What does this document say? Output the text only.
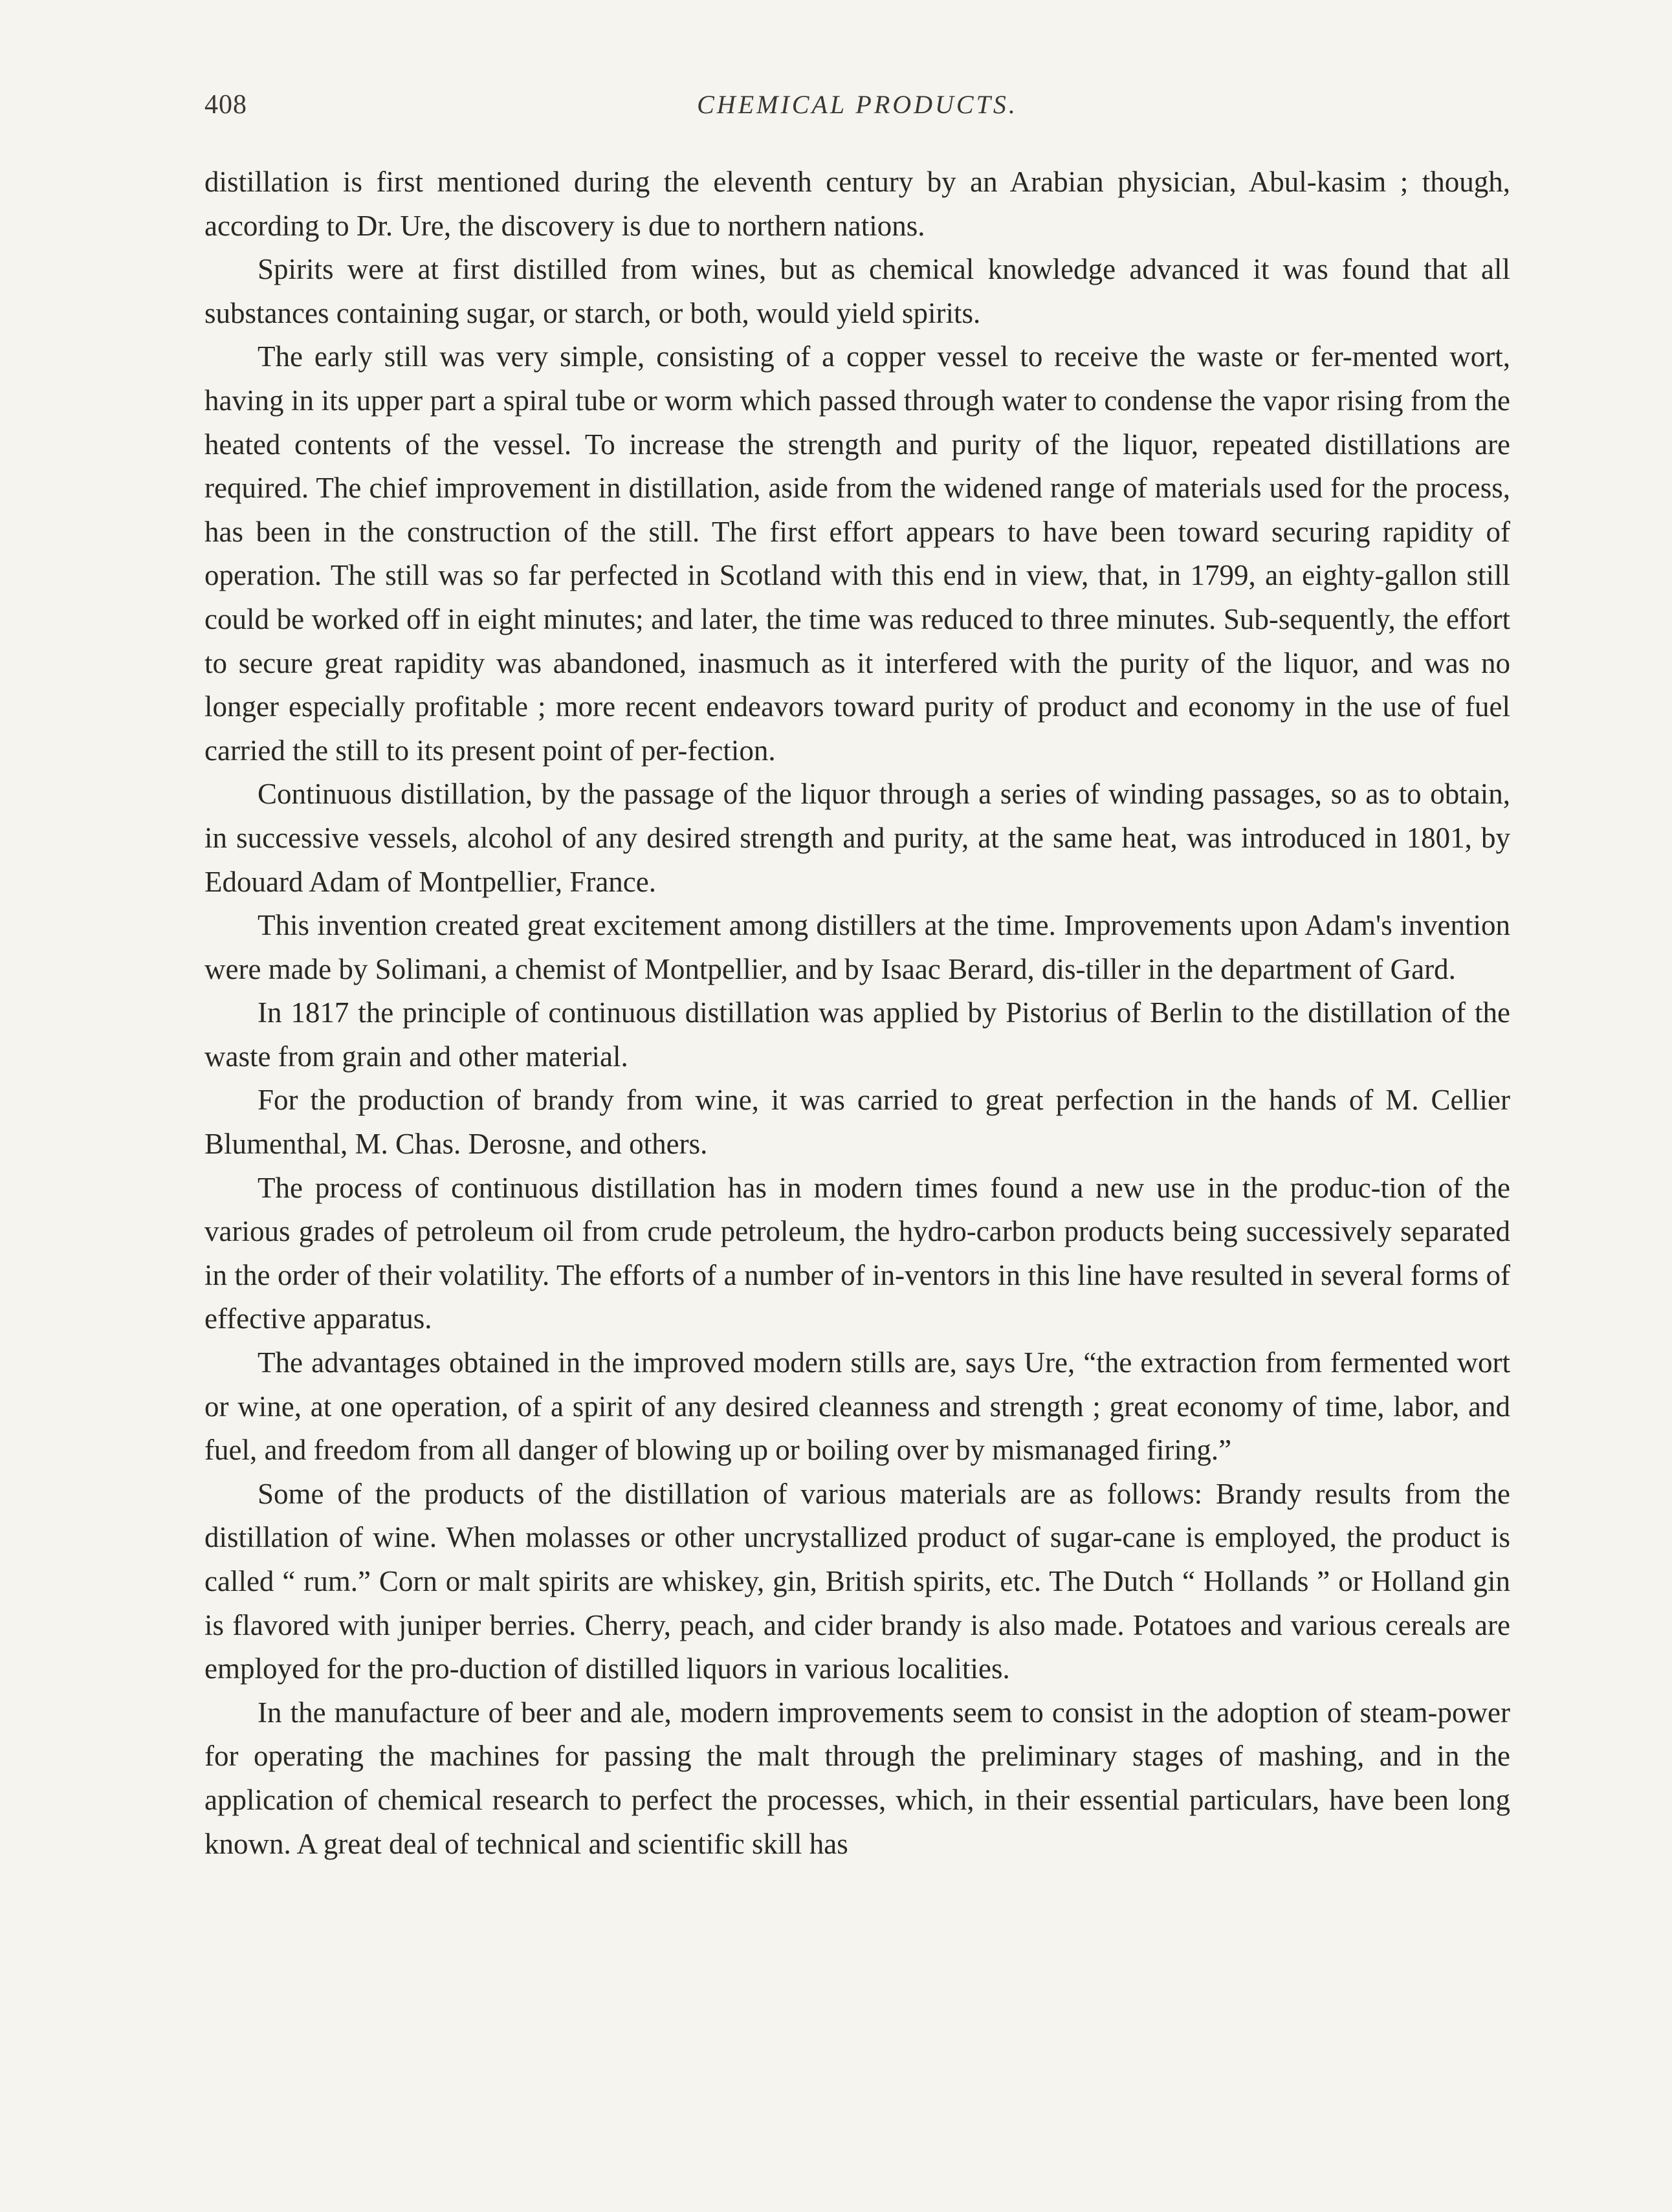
408	CHEMICAL PRODUCTS.

distillation is first mentioned during the eleventh century by an Arabian physician, Abul-kasim ; though, according to Dr. Ure, the discovery is due to northern nations.

Spirits were at first distilled from wines, but as chemical knowledge advanced it was found that all substances containing sugar, or starch, or both, would yield spirits.

The early still was very simple, consisting of a copper vessel to receive the waste or fer-mented wort, having in its upper part a spiral tube or worm which passed through water to condense the vapor rising from the heated contents of the vessel. To increase the strength and purity of the liquor, repeated distillations are required. The chief improvement in distillation, aside from the widened range of materials used for the process, has been in the construction of the still. The first effort appears to have been toward securing rapidity of operation. The still was so far perfected in Scotland with this end in view, that, in 1799, an eighty-gallon still could be worked off in eight minutes; and later, the time was reduced to three minutes. Sub-sequently, the effort to secure great rapidity was abandoned, inasmuch as it interfered with the purity of the liquor, and was no longer especially profitable ; more recent endeavors toward purity of product and economy in the use of fuel carried the still to its present point of per-fection.

Continuous distillation, by the passage of the liquor through a series of winding passages, so as to obtain, in successive vessels, alcohol of any desired strength and purity, at the same heat, was introduced in 1801, by Edouard Adam of Montpellier, France.

This invention created great excitement among distillers at the time. Improvements upon Adam's invention were made by Solimani, a chemist of Montpellier, and by Isaac Berard, dis-tiller in the department of Gard.

In 1817 the principle of continuous distillation was applied by Pistorius of Berlin to the distillation of the waste from grain and other material.

For the production of brandy from wine, it was carried to great perfection in the hands of M. Cellier Blumenthal, M. Chas. Derosne, and others.

The process of continuous distillation has in modern times found a new use in the produc-tion of the various grades of petroleum oil from crude petroleum, the hydro-carbon products being successively separated in the order of their volatility. The efforts of a number of in-ventors in this line have resulted in several forms of effective apparatus.

The advantages obtained in the improved modern stills are, says Ure, “the extraction from fermented wort or wine, at one operation, of a spirit of any desired cleanness and strength ; great economy of time, labor, and fuel, and freedom from all danger of blowing up or boiling over by mismanaged firing.”

Some of the products of the distillation of various materials are as follows: Brandy results from the distillation of wine. When molasses or other uncrystallized product of sugar-cane is employed, the product is called “ rum.” Corn or malt spirits are whiskey, gin, British spirits, etc. The Dutch “ Hollands ” or Holland gin is flavored with juniper berries. Cherry, peach, and cider brandy is also made. Potatoes and various cereals are employed for the pro-duction of distilled liquors in various localities.

In the manufacture of beer and ale, modern improvements seem to consist in the adoption of steam-power for operating the machines for passing the malt through the preliminary stages of mashing, and in the application of chemical research to perfect the processes, which, in their essential particulars, have been long known. A great deal of technical and scientific skill has
